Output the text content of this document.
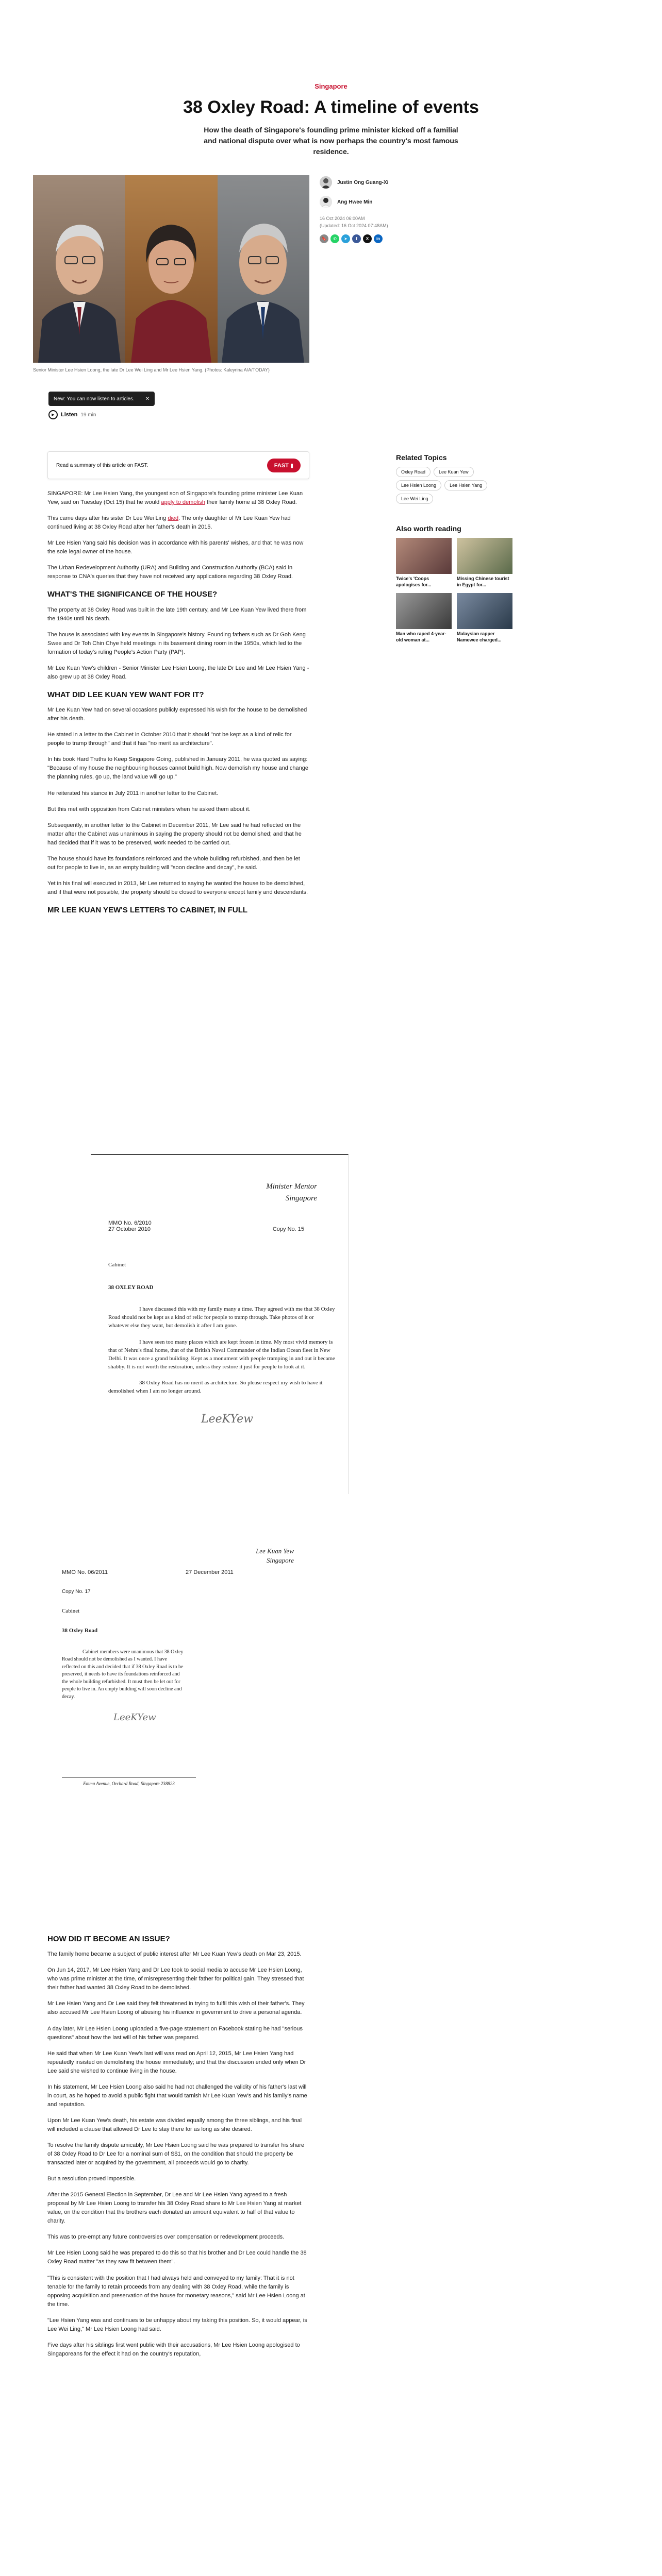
Singapore
38 Oxley Road: A timeline of events

How the death of Singapore's founding prime minister kicked off a familial and national dispute over what is now perhaps the country's most famous residence.

Senior Minister Lee Hsien Loong, the late Dr Lee Wei Ling and Mr Lee Hsien Yang. (Photos: Kaleyrina A/A/TODAY)
Justin Ong Guang-Xi
Ang Hwee Min
16 Oct 2024 06:00AM
(Updated: 16 Oct 2024 07:48AM)
🔖	✆	➤	f	X	in
New: You can now listen to articles. ✕
▶	Listen 19 min
Read a summary of this article on FAST.	FAST ▮
Related Topics
Oxley Road	Lee Kuan Yew
Lee Hsien Loong	Lee Hsien Yang
Lee Wei Ling
Also worth reading
Twice's 'Coops apologises for...
Missing Chinese tourist in Egypt for...
Man who raped 4-year-old woman at...
Malaysian rapper Namewee charged...

SINGAPORE: Mr Lee Hsien Yang, the youngest son of Singapore's founding prime minister Lee Kuan Yew, said on Tuesday (Oct 15) that he would apply to demolish their family home at 38 Oxley Road.

This came days after his sister Dr Lee Wei Ling died. The only daughter of Mr Lee Kuan Yew had continued living at 38 Oxley Road after her father's death in 2015.

Mr Lee Hsien Yang said his decision was in accordance with his parents' wishes, and that he was now the sole legal owner of the house.

The Urban Redevelopment Authority (URA) and Building and Construction Authority (BCA) said in response to CNA's queries that they have not received any applications regarding 38 Oxley Road.

WHAT'S THE SIGNIFICANCE OF THE HOUSE?

The property at 38 Oxley Road was built in the late 19th century, and Mr Lee Kuan Yew lived there from the 1940s until his death.

The house is associated with key events in Singapore's history. Founding fathers such as Dr Goh Keng Swee and Dr Toh Chin Chye held meetings in its basement dining room in the 1950s, which led to the formation of today's ruling People's Action Party (PAP).

Mr Lee Kuan Yew's children - Senior Minister Lee Hsien Loong, the late Dr Lee and Mr Lee Hsien Yang - also grew up at 38 Oxley Road.

WHAT DID LEE KUAN YEW WANT FOR IT?

Mr Lee Kuan Yew had on several occasions publicly expressed his wish for the house to be demolished after his death.

He stated in a letter to the Cabinet in October 2010 that it should "not be kept as a kind of relic for people to tramp through" and that it has "no merit as architecture".

In his book Hard Truths to Keep Singapore Going, published in January 2011, he was quoted as saying: "Because of my house the neighbouring houses cannot build high. Now demolish my house and change the planning rules, go up, the land value will go up."

He reiterated his stance in July 2011 in another letter to the Cabinet.

But this met with opposition from Cabinet ministers when he asked them about it.

Subsequently, in another letter to the Cabinet in December 2011, Mr Lee said he had reflected on the matter after the Cabinet was unanimous in saying the property should not be demolished; and that he had decided that if it was to be preserved, work needed to be carried out.

The house should have its foundations reinforced and the whole building refurbished, and then be let out for people to live in, as an empty building will "soon decline and decay", he said.

Yet in his final will executed in 2013, Mr Lee returned to saying he wanted the house to be demolished, and if that were not possible, the property should be closed to everyone except family and descendants.

MR LEE KUAN YEW'S LETTERS TO CABINET, IN FULL
Minister Mentor
Singapore
MMO No. 6/2010
27 October 2010	Copy No. 15

Cabinet

38 OXLEY ROAD

I have discussed this with my family many a time. They agreed with me that 38 Oxley Road should not be kept as a kind of relic for people to tramp through. Take photos of it or whatever else they want, but demolish it after I am gone.

I have seen too many places which are kept frozen in time. My most vivid memory is that of Nehru's final home, that of the British Naval Commander of the Indian Ocean fleet in New Delhi. It was once a grand building. Kept as a monument with people tramping in and out it became shabby. It is not worth the restoration, unless they restore it just for people to look at it.

38 Oxley Road has no merit as architecture. So please respect my wish to have it demolished when I am no longer around.

LeeKYew
Lee Kuan Yew
Singapore
MMO No. 06/2011	27 December 2011
Copy No. 17

Cabinet

38 Oxley Road

Cabinet members were unanimous that 38 Oxley Road should not be demolished as I wanted. I have reflected on this and decided that if 38 Oxley Road is to be preserved, it needs to have its foundations reinforced and the whole building refurbished. It must then be let out for people to live in. An empty building will soon decline and decay.

LeeKYew
Emma Avenue, Orchard Road, Singapore 238823
HOW DID IT BECOME AN ISSUE?

The family home became a subject of public interest after Mr Lee Kuan Yew's death on Mar 23, 2015.

On Jun 14, 2017, Mr Lee Hsien Yang and Dr Lee took to social media to accuse Mr Lee Hsien Loong, who was prime minister at the time, of misrepresenting their father for political gain. They stressed that their father had wanted 38 Oxley Road to be demolished.

Mr Lee Hsien Yang and Dr Lee said they felt threatened in trying to fulfil this wish of their father's. They also accused Mr Lee Hsien Loong of abusing his influence in government to drive a personal agenda.

A day later, Mr Lee Hsien Loong uploaded a five-page statement on Facebook stating he had "serious questions" about how the last will of his father was prepared.

He said that when Mr Lee Kuan Yew's last will was read on April 12, 2015, Mr Lee Hsien Yang had repeatedly insisted on demolishing the house immediately; and that the discussion ended only when Dr Lee said she wished to continue living in the house.

In his statement, Mr Lee Hsien Loong also said he had not challenged the validity of his father's last will in court, as he hoped to avoid a public fight that would tarnish Mr Lee Kuan Yew's and his family's name and reputation.

Upon Mr Lee Kuan Yew's death, his estate was divided equally among the three siblings, and his final will included a clause that allowed Dr Lee to stay there for as long as she desired.

To resolve the family dispute amicably, Mr Lee Hsien Loong said he was prepared to transfer his share of 38 Oxley Road to Dr Lee for a nominal sum of S$1, on the condition that should the property be transacted later or acquired by the government, all proceeds would go to charity.

But a resolution proved impossible.

After the 2015 General Election in September, Dr Lee and Mr Lee Hsien Yang agreed to a fresh proposal by Mr Lee Hsien Loong to transfer his 38 Oxley Road share to Mr Lee Hsien Yang at market value, on the condition that the brothers each donated an amount equivalent to half of that value to charity.

This was to pre-empt any future controversies over compensation or redevelopment proceeds.

Mr Lee Hsien Loong said he was prepared to do this so that his brother and Dr Lee could handle the 38 Oxley Road matter "as they saw fit between them".

"This is consistent with the position that I had always held and conveyed to my family: That it is not tenable for the family to retain proceeds from any dealing with 38 Oxley Road, while the family is opposing acquisition and preservation of the house for monetary reasons," said Mr Lee Hsien Loong at the time.

"Lee Hsien Yang was and continues to be unhappy about my taking this position. So, it would appear, is Lee Wei Ling," Mr Lee Hsien Loong had said.

Five days after his siblings first went public with their accusations, Mr Lee Hsien Loong apologised to Singaporeans for the effect it had on the country's reputation,
